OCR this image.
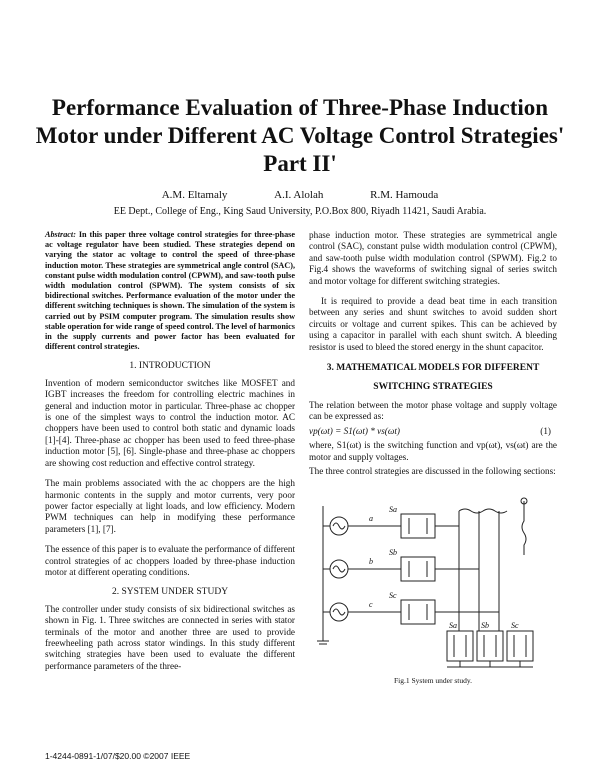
Performance Evaluation of Three-Phase Induction Motor under Different AC Voltage Control Strategies' Part II'
A.M. Eltamaly	A.I. Alolah	R.M. Hamouda
EE Dept., College of Eng., King Saud University, P.O.Box 800, Riyadh 11421, Saudi Arabia.

Abstract: In this paper three voltage control strategies for three-phase ac voltage regulator have been studied. These strategies depend on varying the stator ac voltage to control the speed of three-phase induction motor. These strategies are symmetrical angle control (SAC), constant pulse width modulation control (CPWM), and saw-tooth pulse width modulation control (SPWM). The system consists of six bidirectional switches. Performance evaluation of the motor under the different switching techniques is shown. The simulation of the system is carried out by PSIM computer program. The simulation results show stable operation for wide range of speed control. The level of harmonics in the supply currents and power factor has been evaluated for different control strategies.

1. INTRODUCTION

Invention of modern semiconductor switches like MOSFET and IGBT increases the freedom for controlling electric machines in general and induction motor in particular. Three-phase ac chopper is one of the simplest ways to control the induction motor. AC choppers have been used to control both static and dynamic loads [1]-[4]. Three-phase ac chopper has been used to feed three-phase induction motor [5], [6]. Single-phase and three-phase ac choppers are showing cost reduction and effective control strategy.

The main problems associated with the ac choppers are the high harmonic contents in the supply and motor currents, very poor power factor especially at light loads, and low efficiency. Modern PWM techniques can help in modifying these performance parameters [1], [7].

The essence of this paper is to evaluate the performance of different control strategies of ac choppers loaded by three-phase induction motor at different operating conditions.

2. SYSTEM UNDER STUDY

The controller under study consists of six bidirectional switches as shown in Fig. 1. Three switches are connected in series with stator terminals of the motor and another three are used to provide freewheeling path across stator windings. In this study different switching strategies have been used to evaluate the different performance parameters of the three-

phase induction motor. These strategies are symmetrical angle control (SAC), constant pulse width modulation control (CPWM), and saw-tooth pulse width modulation control (SPWM). Fig.2 to Fig.4 shows the waveforms of switching signal of series switch and motor voltage for different switching strategies.

It is required to provide a dead beat time in each transition between any series and shunt switches to avoid sudden short circuits or voltage and current spikes. This can be achieved by using a capacitor in parallel with each shunt switch. A bleeding resistor is used to bleed the stored energy in the shunt capacitor.

3. MATHEMATICAL MODELS FOR DIFFERENT
SWITCHING STRATEGIES

The relation between the motor phase voltage and supply voltage can be expressed as:

vp(ωt) = S1(ωt) * vs(ωt)	(1)

where, S1(ωt) is the switching function and vp(ωt), vs(ωt) are the motor and supply voltages.

The three control strategies are discussed in the following sections:

a
b
c
Sa
Sb
Sc
Sa	Sb	Sc
Fig.1 System under study.
1-4244-0891-1/07/$20.00 ©2007 IEEE
